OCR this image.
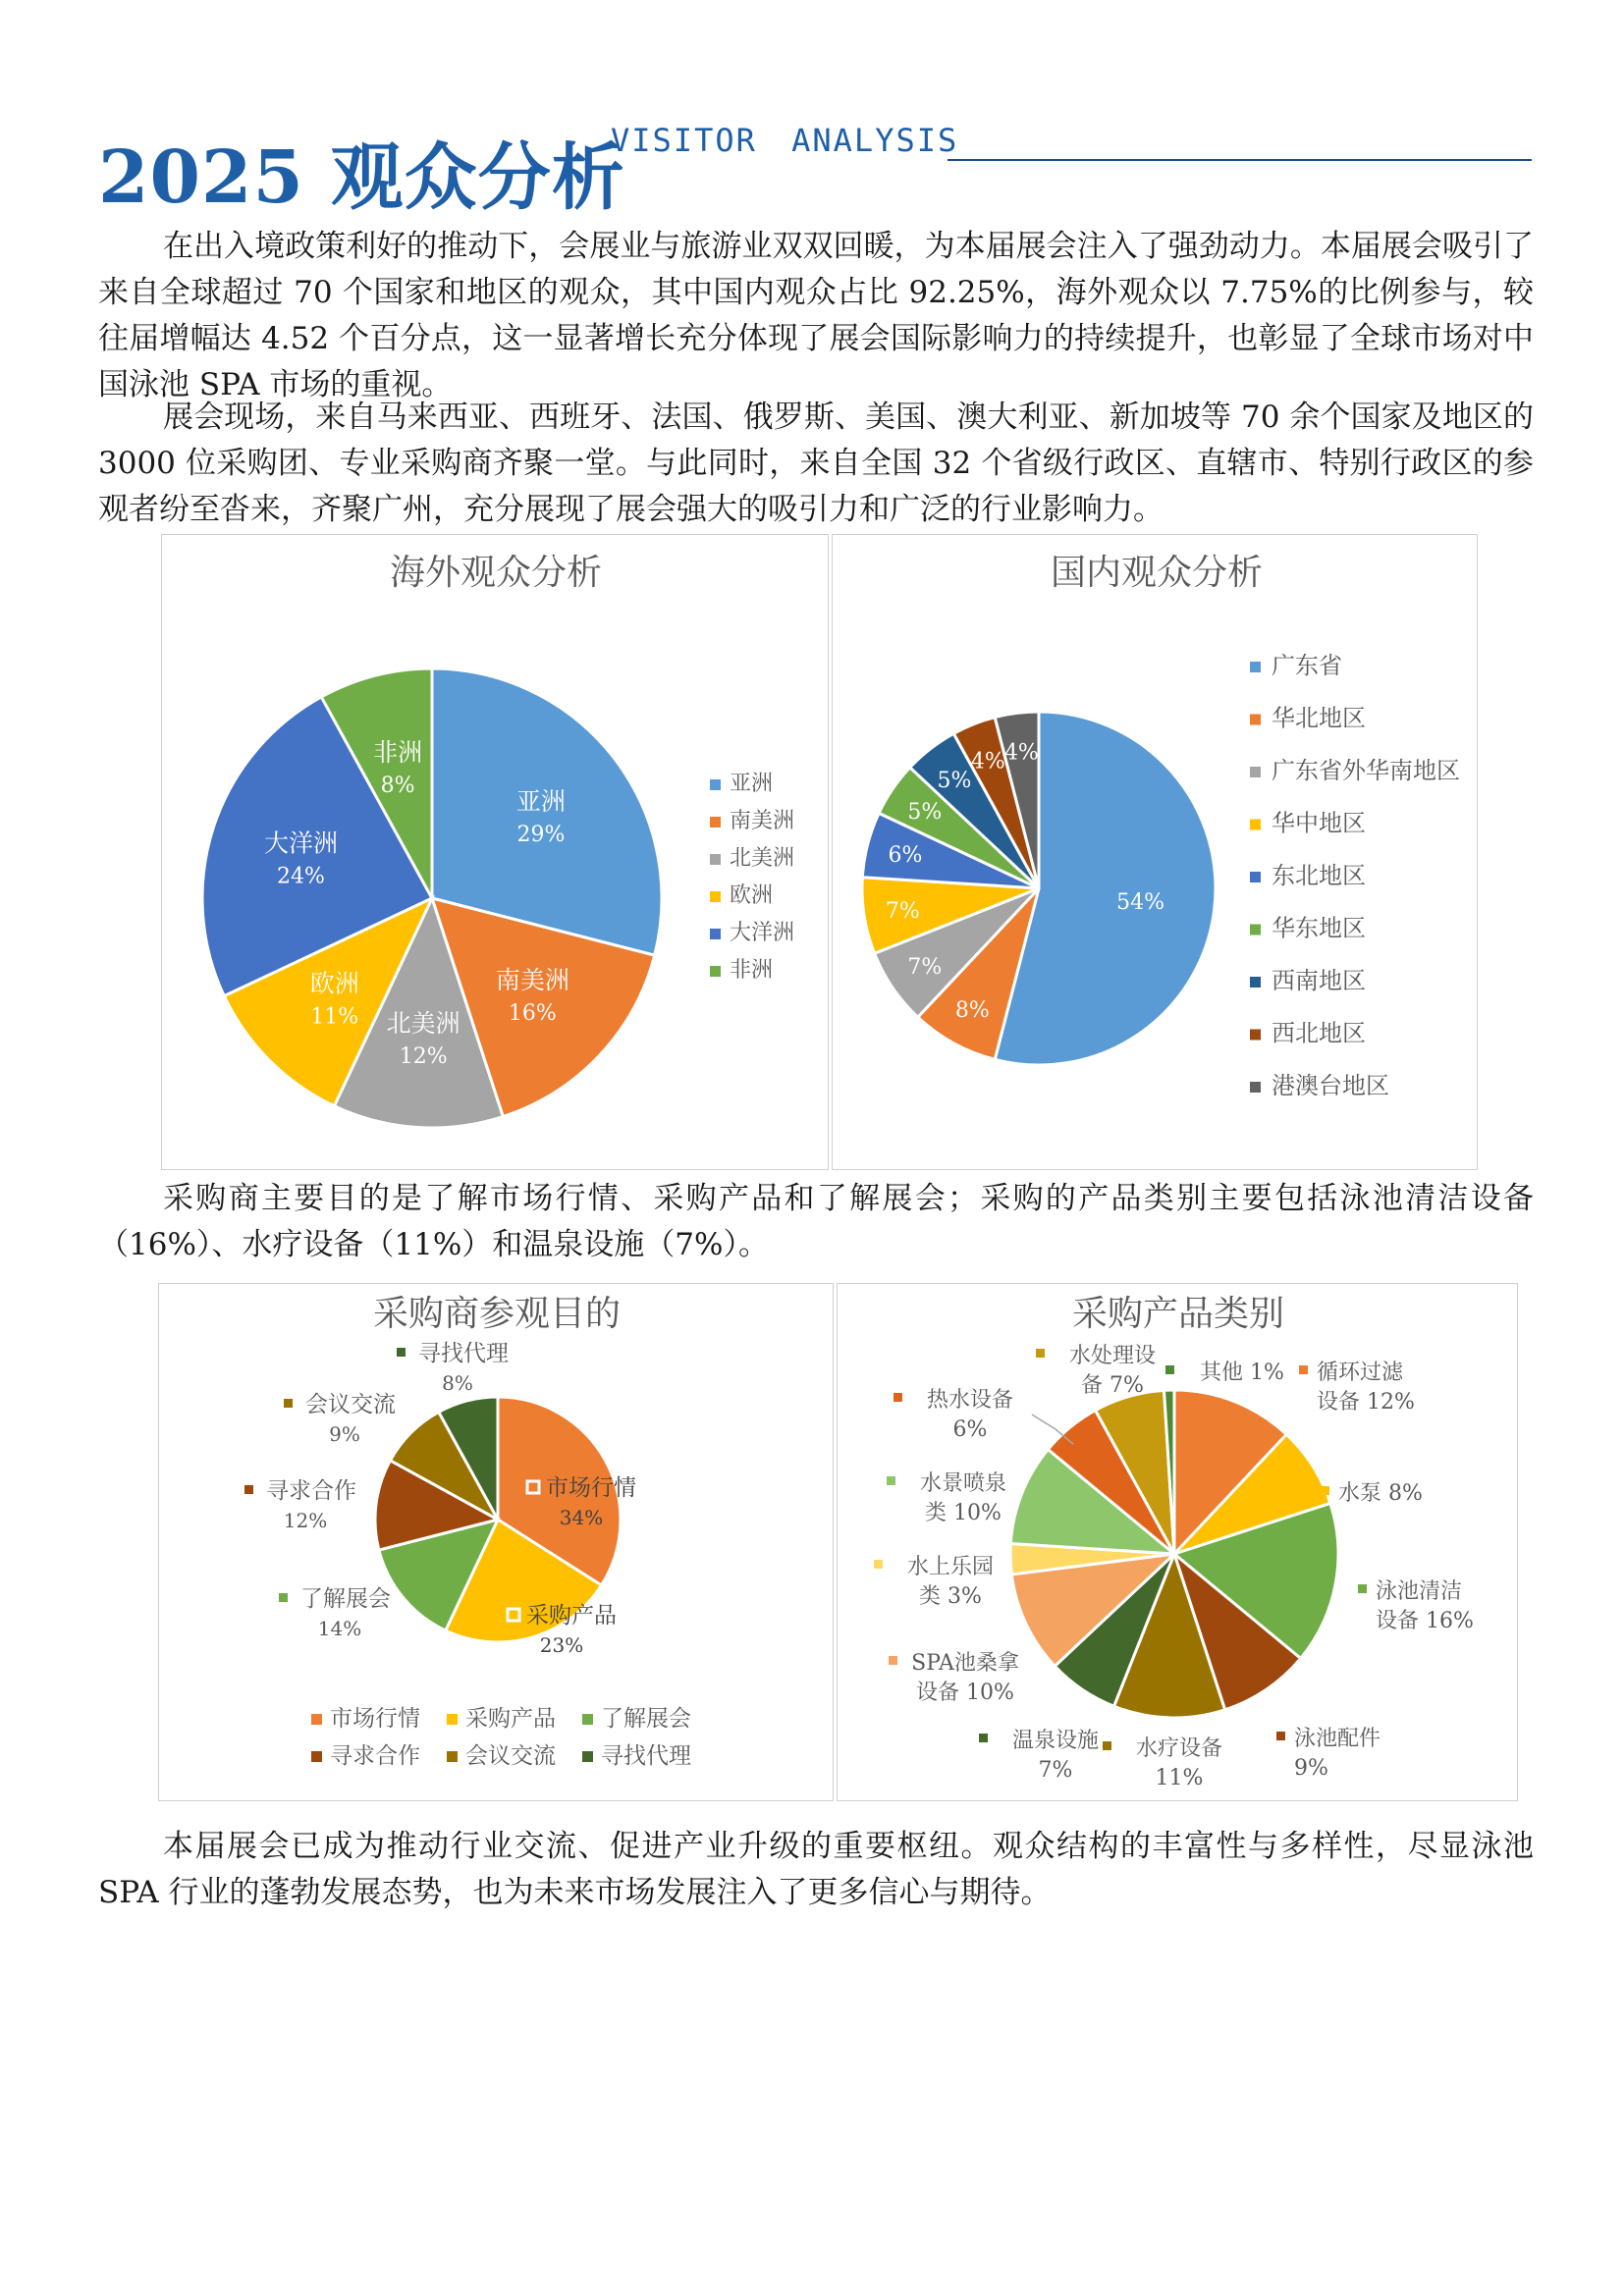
2025 观众分析
VISITOR ANALYSIS

在出入境政策利好的推动下，会展业与旅游业双双回暖，为本届展会注入了强劲动力。本届展会吸引了来自全球超过 70 个国家和地区的观众，其中国内观众占比 92.25%，海外观众以 7.75%的比例参与，较往届增幅达 4.52 个百分点，这一显著增长充分体现了展会国际影响力的持续提升，也彰显了全球市场对中国泳池 SPA 市场的重视。

展会现场，来自马来西亚、西班牙、法国、俄罗斯、美国、澳大利亚、新加坡等 70 余个国家及地区的 3000 位采购团、专业采购商齐聚一堂。与此同时，来自全国 32 个省级行政区、直辖市、特别行政区的参观者纷至沓来，齐聚广州，充分展现了展会强大的吸引力和广泛的行业影响力。

海外观众分析
亚洲
29%
南美洲
16%
北美洲
12%
欧洲
11%
大洋洲
24%
非洲
8%	亚洲
南美洲
北美洲
欧洲
大洋洲
非洲
国内观众分析
54%
8%
7%
7%
6%
5%
5%
4% 4%
广东省
华北地区
广东省外华南地区
华中地区
东北地区
华东地区
西南地区
西北地区
港澳台地区

采购商主要目的是了解市场行情、采购产品和了解展会；采购的产品类别主要包括泳池清洁设备（16%）、水疗设备（11%）和温泉设施（7%）。

采购商参观目的
市场行情
34%
采购产品
23%
了解展会
14%
寻求合作
12%
会议交流
9%
寻找代理
8%
市场行情 采购产品 了解展会
寻求合作 会议交流 寻找代理
采购产品类别
循环过滤
设备 12%
水泵 8%
泳池清洁
设备 16%
泳池配件
9%
水疗设备
11%
温泉设施
7%
SPA池桑拿
设备 10%
水上乐园
类 3%
水景喷泉
类 10%
热水设备
6%
水处理设
备 7%
其他 1%

本届展会已成为推动行业交流、促进产业升级的重要枢纽。观众结构的丰富性与多样性，尽显泳池 SPA 行业的蓬勃发展态势，也为未来市场发展注入了更多信心与期待。
